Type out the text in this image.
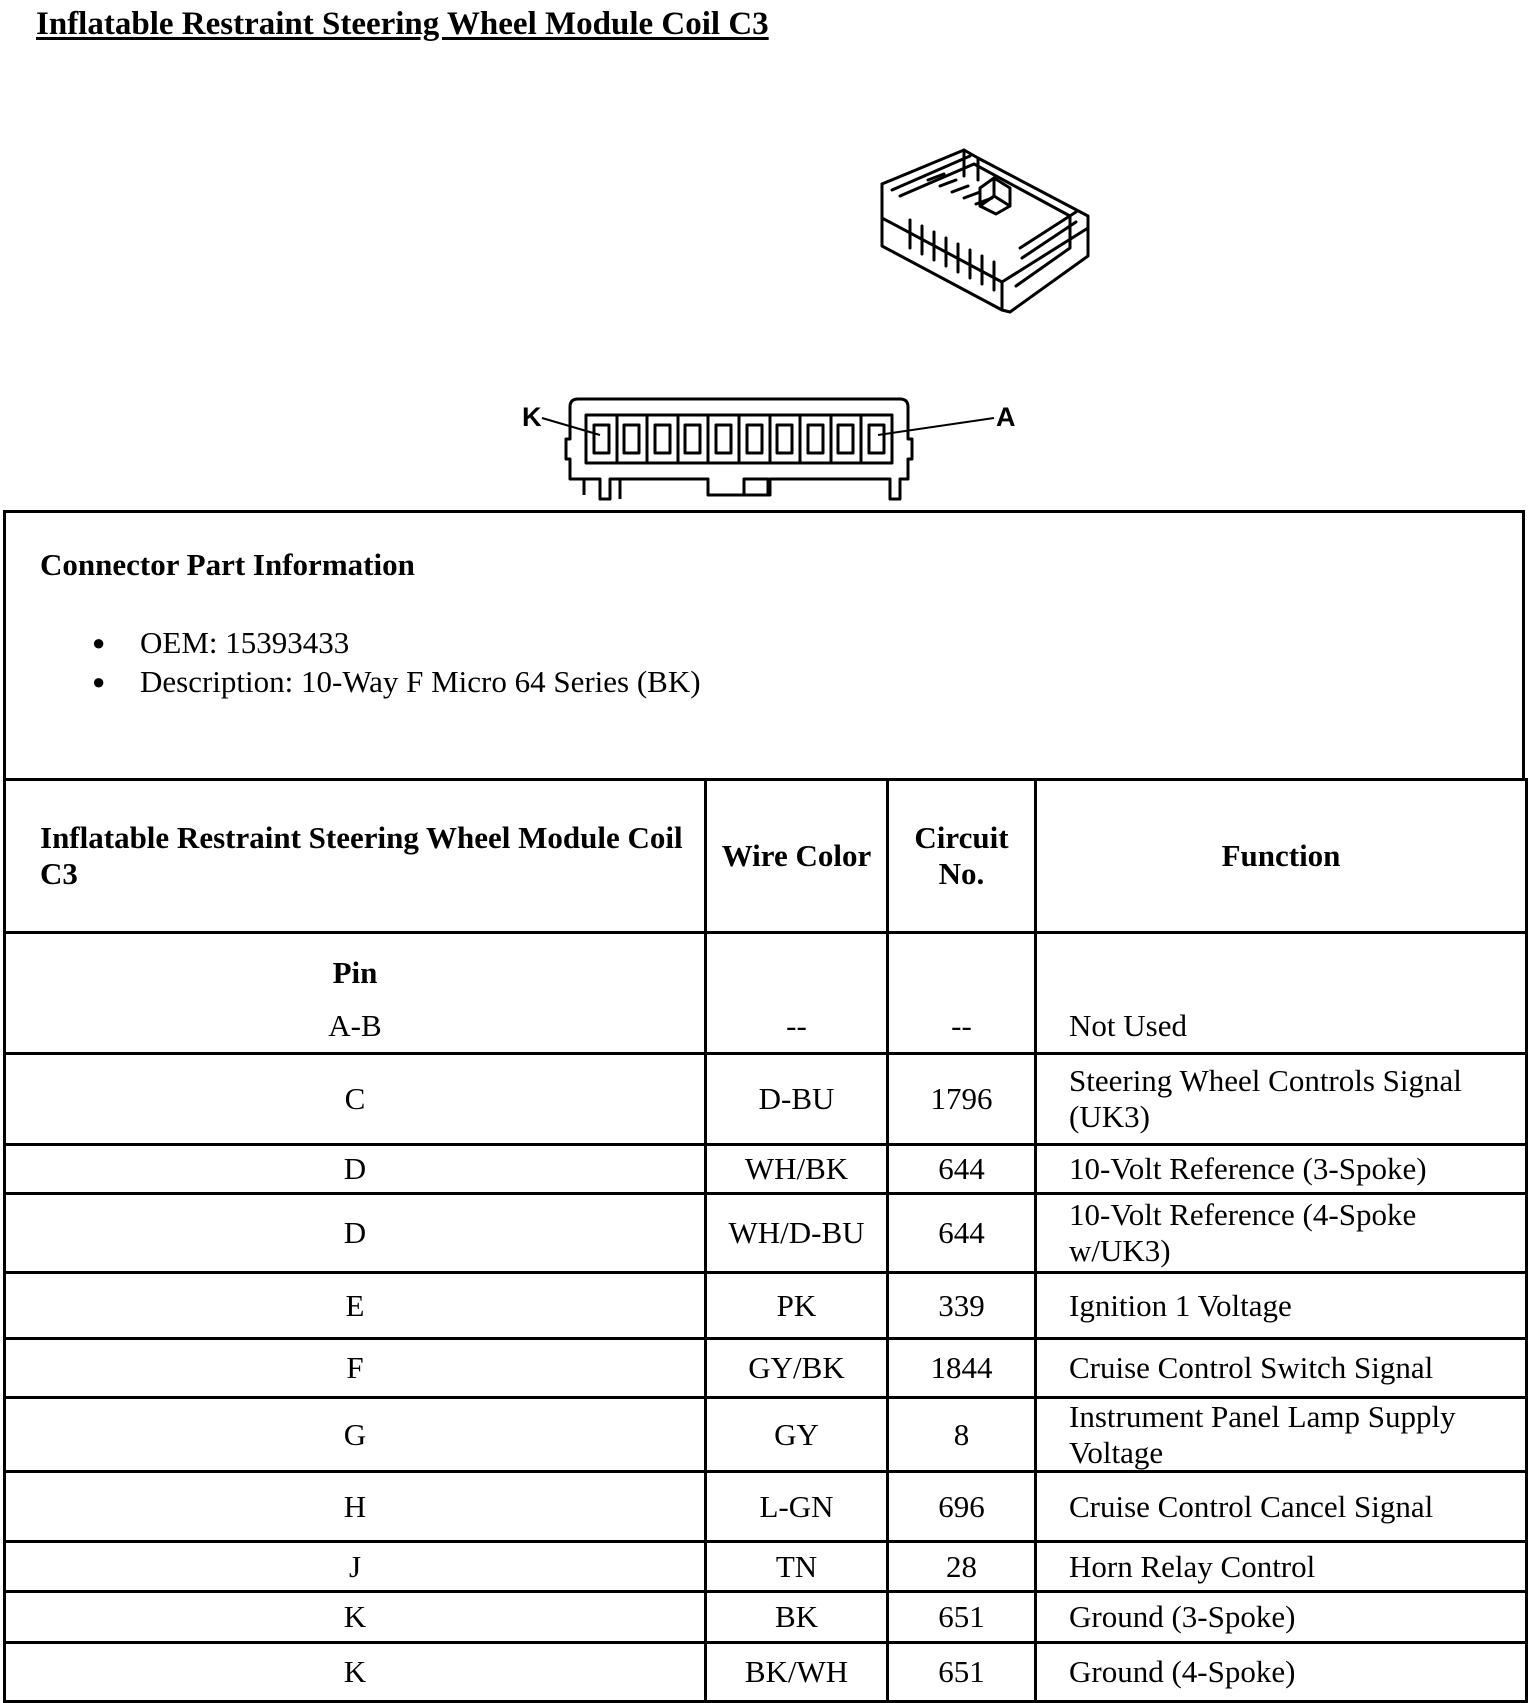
Inflatable Restraint Steering Wheel Module Coil C3
K	A
Connector Part Information
● OEM: 15393433
● Description: 10-Way F Micro 64 Series (BK)
Inflatable Restraint Steering Wheel Module Coil C3	Wire Color	Circuit No.	Function

Pin
A-B	--	--	Not Used
C	D-BU	1796	Steering Wheel Controls Signal (UK3)
D	WH/BK	644	10-Volt Reference (3-Spoke)
D	WH/D-BU	644	10-Volt Reference (4-Spoke w/UK3)
E	PK	339	Ignition 1 Voltage
F	GY/BK	1844	Cruise Control Switch Signal
G	GY	8	Instrument Panel Lamp Supply Voltage
H	L-GN	696	Cruise Control Cancel Signal
J	TN	28	Horn Relay Control
K	BK	651	Ground (3-Spoke)
K	BK/WH	651	Ground (4-Spoke)
